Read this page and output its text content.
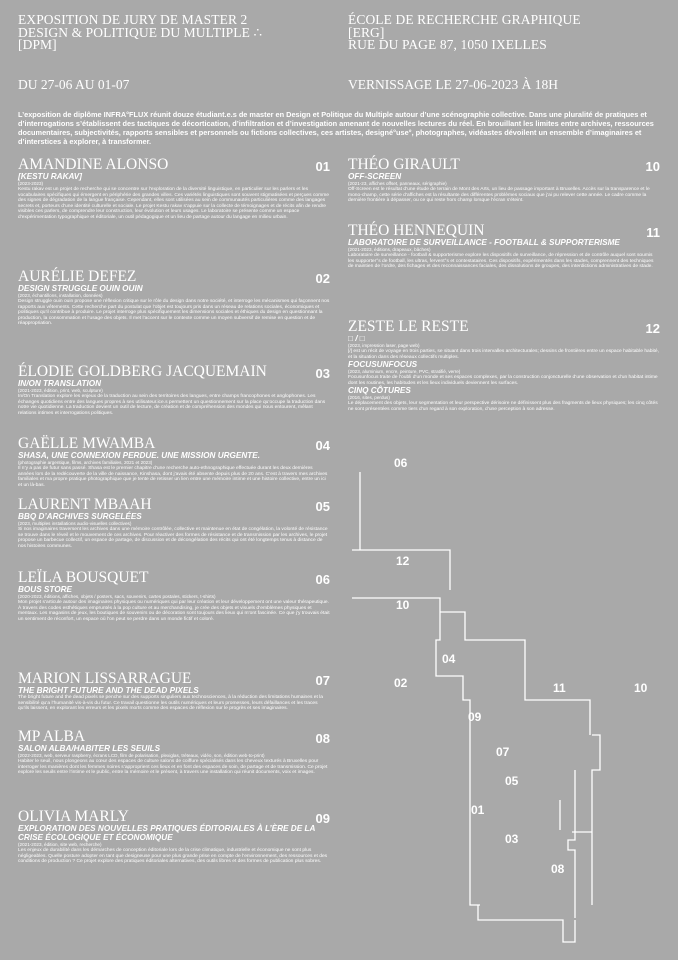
EXPOSITION DE JURY DE MASTER 2
DESIGN & POLITIQUE DU MULTIPLE ∴
[DPM]
ÉCOLE DE RECHERCHE GRAPHIQUE
[ERG]
RUE DU PAGE 87, 1050 IXELLES
DU 27-06 AU 01-07	VERNISSAGE LE 27-06-2023 À 18H
L’exposition de diplôme INFRA°FLUX réunit douze étudiant.e.s de master en Design et Politique du Multiple autour d’une scénographie collective. Dans une pluralité de pratiques et d’interrogations s’établissent des tactiques de décortication, d’infiltration et d’investigation amenant de nouvelles lectures du réel. En brouillant les limites entre archives, ressources documentaires, subjectivités, rapports sensibles et personnels ou fictions collectives, ces artistes, designé°use°, photographes, vidéastes dévoilent un ensemble d’imaginaires et d’interstices à explorer, à transformer.
AMANDINE ALONSO	01
[KESTU RAKAV]
(2023-2023)
Kestu rakav est un projet de recherche qui se concentre sur l’exploration de la diversité linguistique, en particulier sur les parlers et les vocabulaires spécifiques qui émergent en périphérie des grandes villes. Ces variétés linguistiques sont souvent stigmatisées et perçues comme des signes de dégradation de la langue française. Cependant, elles sont utilisées au sein de communautés particulières comme des langages secrets et, porteurs d’une identité culturelle et sociale. Le projet Kestu rakav s’appuie sur la collecte de témoignages et de récits afin de rendre visibles ces parlers, de comprendre leur construction, leur évolution et leurs usages. Le laboratoire se présente comme un espace d’expérimentation typographique et éditoriale, un outil pédagogique et un lieu de partage autour du langage en milieu urbain.
AURÉLIE DEFEZ	02
DESIGN STRUGGLE OUIN OUIN
(2023, échantillons, installation, données)
Design struggle ouin ouin propose une réflexion critique sur le rôle du design dans notre société, et interroge les mécanismes qui façonnent nos rapports aux vêtements. Cette recherche part du postulat que l’objet est toujours pris dans un réseau de relations sociales, économiques et politiques qu’il contribue à produire. Le projet interroge plus spécifiquement les dimensions sociales et éthiques du design en questionnant la production, la consommation et l’usage des objets. Il met l’accent sur le contexte comme un moyen subversif de remise en question et de réappropriation.
ÉLODIE GOLDBERG JACQUEMAIN	03
IN/ON TRANSLATION
(2021-2023, édition, print, web, sculpture)
In/On Translation explore les enjeux de la traduction au sein des territoires des langues, entre champs francophones et anglophones. Les échanges quotidiens entre des langues propres à ses utilisateur.ice.s permettent un questionnement sur la place qu’occupe la traduction dans notre vie quotidienne. La traduction devient un outil de lecture, de création et de compréhension des mondes qui nous entourent, mêlant relations intimes et interrogations politiques.
GAËLLE MWAMBA	04
SHASA, UNE CONNEXION PERDUE. UNE MISSION URGENTE.
(photographie argentique, films, archives familiales, 2021 et 2023)
Il n’y a pas de futur sans passé. Shasa est le premier chapitre d’une recherche auto-ethnographique effectuée durant les deux dernières années lors de la redécouverte de la ville de naissance, Kinshasa, dont j’avais été absente depuis plus de 20 ans. C’est à travers mes archives familiales et ma propre pratique photographique que je tente de retisser un lien entre une mémoire intime et une histoire collective, entre un ici et un là-bas.
LAURENT MBAAH	05
BBQ D’ARCHIVES SURGELÉES
(2023, multiples installations audio-visuelles collectives)
Si nos imaginaires traversent les archives dans une mémoire contrôlée, collective et maintenue en état de congélation, la volonté de résistance se trouve dans le réveil et le mouvement de ces archives. Pour réactiver des formes de résistance et de transmission par les archives, le projet propose un barbecue collectif, un espace de partage, de discussion et de décongélation des récits qui ont été longtemps tenus à distance de nos histoires communes.
LEÏLA BOUSQUET	06
BOUS STORE
(2020-2023, éditions, affiches, objets / posters, sacs, souvenirs, cartes postales, stickers, t-shirts)
Mon projet s’articule autour des imaginaires physiques ou numériques qui par leur création et leur développement ont une valeur thérapeutique. À travers des codes esthétiques empruntés à la pop culture et au merchandising, je crée des objets et visuels d’emblèmes physiques et mentaux. Les magasins de jeux, les boutiques de souvenirs ou de décoration sont toujours des lieux qui m’ont fascinée. Ce que j’y trouvais était un sentiment de réconfort, un espace où l’on peut se perdre dans un monde fictif et coloré.
MARION LISSARRAGUE	07
THE BRIGHT FUTURE AND THE DEAD PIXELS
The bright future and the dead pixels se penche sur des supports singuliers aux technosciences, à la réduction des limitations humaines et la sensibilité qu’a l’humanité vis-à-vis du futur. Ce travail questionne les outils numériques et leurs promesses, leurs défaillances et les traces qu’ils laissent, en explorant les erreurs et les pixels morts comme des espaces de réflexion sur le progrès et ses imaginaires.
MP ALBA	08
SALON ALBA/HABITER LES SEUILS
(2022-2023, web, serveur raspberry, écrans LCD, film de polarisation, plexiglas, tréteaux, vidéo, son, édition web-to-print)
Habiter le seuil, nous plongeons au cœur des espaces de culture salons de coiffure spécialisés dans les cheveux texturés à Bruxelles pour interroger les manières dont les femmes noires s’approprient ces lieux et en font des espaces de soin, de partage et de transmission. Ce projet explore les seuils entre l’intime et le public, entre la mémoire et le présent, à travers une installation qui réunit documents, voix et images.
OLIVIA MARLY	09
EXPLORATION DES NOUVELLES PRATIQUES ÉDITORIALES À L’ÈRE DE LA CRISE ÉCOLOGIQUE ET ÉCONOMIQUE
(2021-2023, édition, site web, recherche)
Les enjeux de durabilité dans les démarches de conception éditoriale lors de la crise climatique, industrielle et économique ne sont plus négligeables. Quelle posture adopter en tant que designeuse pour une plus grande prise en compte de l’environnement, des ressources et des conditions de production ? Ce projet explore des pratiques éditoriales alternatives, des outils libres et des formes de publication plus sobres.
THÉO GIRAULT	10
OFF-SCREEN
(2021-23, affiches offset, panneaux, sérigraphie)
Off-Screen est le résultat d’une étude de terrain de Mont des Arts, un lieu de passage important à Bruxelles. Accès sur la transparence et le mono-champ, cette série d’affiches est la résultante des différentes problèmes sociaux que j’ai pu relever cette année. Le cadre comme la dernière frontière à dépasser, ou ce qui reste hors champ lorsque l’écran s’éteint.
THÉO HENNEQUIN	11
LABORATOIRE DE SURVEILLANCE - FOOTBALL & SUPPORTERISME
(2021-2023, éditions, drapeaux, bâches)
Laboratoire de surveillance - football & supporterisme explore les dispositifs de surveillance, de répression et de contrôle auquel sont soumis les supporter°s de football, les ultras, fervent°s et contestataires. Ces dispositifs, expérimentés dans les stades, comprennent des techniques de maintien de l’ordre, des fichages et des reconnaissances faciales, des dissolutions de groupes, des interdictions administratives de stade.
ZESTE LE RESTE	12
□ / □
(2023, impression laser, page web)
[/] est un récit de voyage en trois parties, se situant dans trois intervalles architecturales; dessins de frontières entre un espace habitable habité, et la situation dans des réseaux collectifs multiples.
FOCUSUNFOCUS
(2023, aluminium, encre, peinture, PVC, stratifié, verre)
Focusunfocus traite de l’oubli d’un monde et ses espaces complexes, par la construction conjoncturelle d’une observation et d’un habitat intime dont les routines, les habitudes et les lieux individuels deviennent les surfaces.
CINQ CÔTURES
(2016, sites, perdus)
Le déplacement des objets, leur segmentation et leur perspective dérisoire ne définissent plus des fragments de lieux physiques; les cinq côtés ne sont présentées comme tiers d’un regard à son exploration, d’une perception à son adresse.
06
12
10
04
02	11	10
09
07
05
01
03
08
